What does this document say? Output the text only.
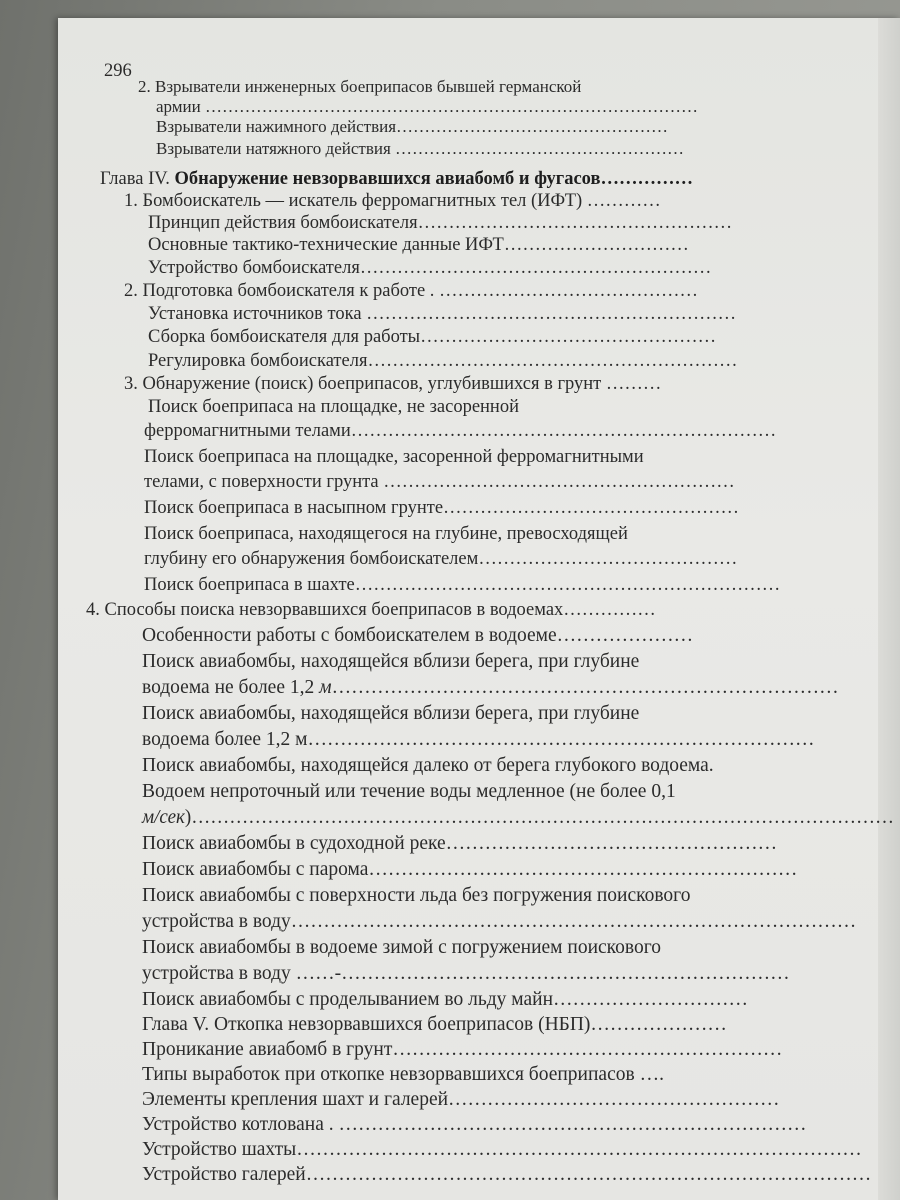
296
2. Взрыватели инженерных боеприпасов бывшей германской
армии ……………………………………………………………………………
Взрыватели нажимного действия…………………………………………
Взрыватели натяжного действия ……………………………………………
Глава IV. Обнаружение невзорвавшихся авиабомб и фугасов……………
1. Бомбоискатель — искатель ферромагнитных тел (ИФТ) …………
Принцип действия бомбоискателя……………………………………………
Основные тактико-технические данные ИФТ…………………………
Устройство бомбоискателя…………………………………………………
2. Подготовка бомбоискателя к работе . ……………………………………
Установка источников тока ……………………………………………………
Сборка бомбоискателя для работы…………………………………………
Регулировка бомбоискателя……………………………………………………
3. Обнаружение (поиск) боеприпасов, углубившихся в грунт ………
Поиск боеприпаса на площадке, не засоренной
ферромагнитными телами……………………………………………………………
Поиск боеприпаса на площадке, засоренной ферромагнитными
телами, с поверхности грунта …………………………………………………
Поиск боеприпаса в насыпном грунте…………………………………………
Поиск боеприпаса, находящегося на глубине, превосходящей
глубину его обнаружения бомбоискателем……………………………………
Поиск боеприпаса в шахте……………………………………………………………
4. Способы поиска невзорвавшихся боеприпасов в водоемах……………
Особенности работы с бомбоискателем в водоеме…………………
Поиск авиабомбы, находящейся вблизи берега, при глубине
водоема не более 1,2 м……………………………………………………………………
Поиск авиабомбы, находящейся вблизи берега, при глубине
водоема более 1,2 м……………………………………………………………………
Поиск авиабомбы, находящейся далеко от берега глубокого водоема.
Водоем непроточный или течение воды медленное (не более 0,1
м/сек)…………………………………………………………………………………………………
Поиск авиабомбы в судоходной реке……………………………………………
Поиск авиабомбы с парома…………………………………………………………
Поиск авиабомбы с поверхности льда без погружения поискового
устройства в воду……………………………………………………………………………
Поиск авиабомбы в водоеме зимой с погружением поискового
устройства в воду ……-……………………………………………………………
Поиск авиабомбы с проделыванием во льду майн…………………………
Глава V. Откопка невзорвавшихся боеприпасов (НБП)…………………
Проникание авиабомб в грунт……………………………………………………
Типы выработок при откопке невзорвавшихся боеприпасов ….
Элементы крепления шахт и галерей……………………………………………
Устройство котлована . ………………………………………………………………
Устройство шахты……………………………………………………………………………
Устройство галерей……………………………………………………………………………
